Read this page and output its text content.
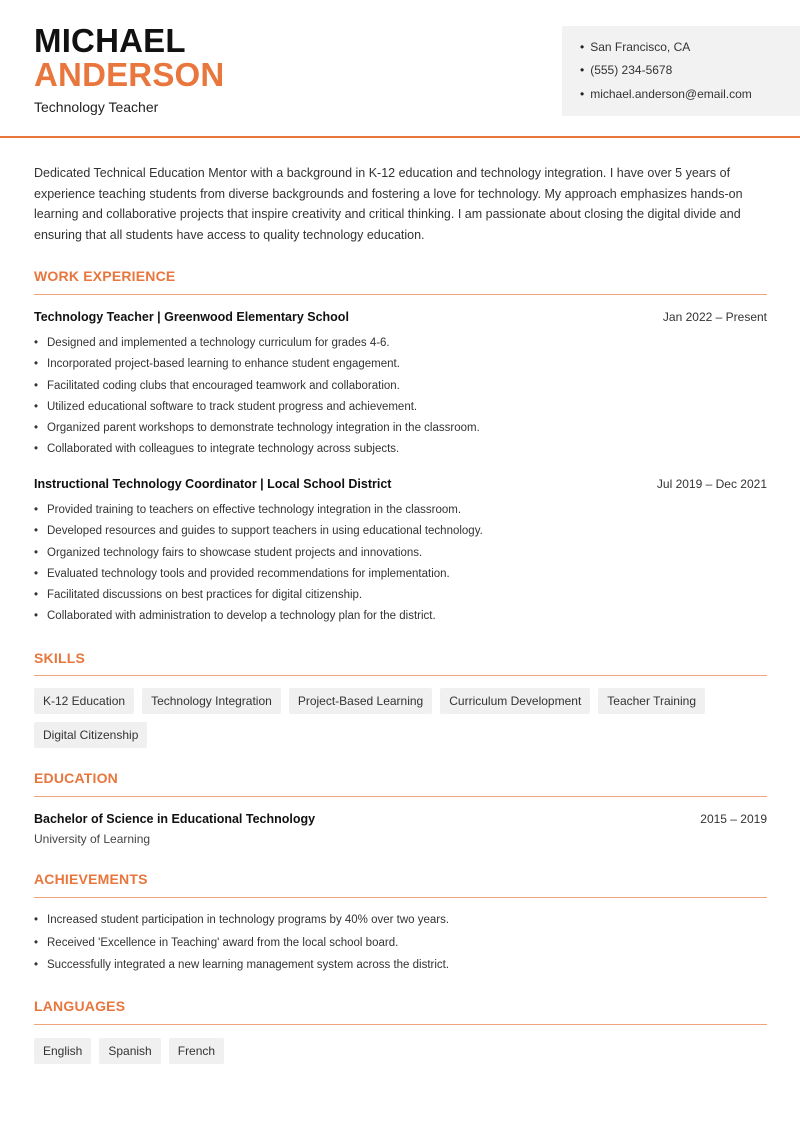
MICHAEL
ANDERSON
Technology Teacher
• San Francisco, CA
• (555) 234-5678
• michael.anderson@email.com
Dedicated Technical Education Mentor with a background in K-12 education and technology integration. I have over 5 years of experience teaching students from diverse backgrounds and fostering a love for technology. My approach emphasizes hands-on learning and collaborative projects that inspire creativity and critical thinking. I am passionate about closing the digital divide and ensuring that all students have access to quality technology education.
WORK EXPERIENCE
Technology Teacher | Greenwood Elementary School	Jan 2022 – Present
• Designed and implemented a technology curriculum for grades 4-6.
• Incorporated project-based learning to enhance student engagement.
• Facilitated coding clubs that encouraged teamwork and collaboration.
• Utilized educational software to track student progress and achievement.
• Organized parent workshops to demonstrate technology integration in the classroom.
• Collaborated with colleagues to integrate technology across subjects.
Instructional Technology Coordinator | Local School District	Jul 2019 – Dec 2021
• Provided training to teachers on effective technology integration in the classroom.
• Developed resources and guides to support teachers in using educational technology.
• Organized technology fairs to showcase student projects and innovations.
• Evaluated technology tools and provided recommendations for implementation.
• Facilitated discussions on best practices for digital citizenship.
• Collaborated with administration to develop a technology plan for the district.
SKILLS
K-12 Education	Technology Integration	Project-Based Learning	Curriculum Development	Teacher Training
Digital Citizenship
EDUCATION
Bachelor of Science in Educational Technology	2015 – 2019
University of Learning
ACHIEVEMENTS
• Increased student participation in technology programs by 40% over two years.
• Received 'Excellence in Teaching' award from the local school board.
• Successfully integrated a new learning management system across the district.
LANGUAGES
English	Spanish	French
